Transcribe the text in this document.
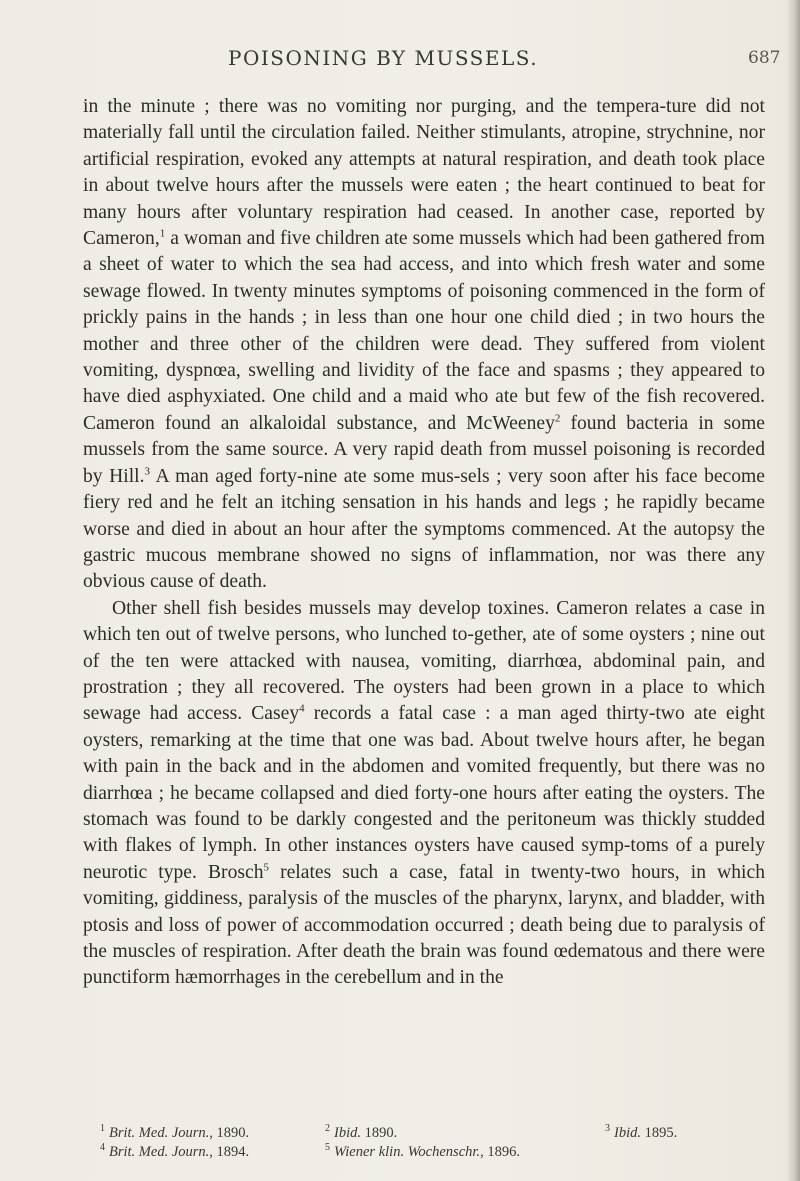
POISONING BY MUSSELS.	687

in the minute ; there was no vomiting nor purging, and the tempera-ture did not materially fall until the circulation failed. Neither stimulants, atropine, strychnine, nor artificial respiration, evoked any attempts at natural respiration, and death took place in about twelve hours after the mussels were eaten ; the heart continued to beat for many hours after voluntary respiration had ceased. In another case, reported by Cameron,$^1$ a woman and five children ate some mussels which had been gathered from a sheet of water to which the sea had access, and into which fresh water and some sewage flowed. In twenty minutes symptoms of poisoning commenced in the form of prickly pains in the hands ; in less than one hour one child died ; in two hours the mother and three other of the children were dead. They suffered from violent vomiting, dyspnœa, swelling and lividity of the face and spasms ; they appeared to have died asphyxiated. One child and a maid who ate but few of the fish recovered. Cameron found an alkaloidal substance, and McWeeney$^2$ found bacteria in some mussels from the same source. A very rapid death from mussel poisoning is recorded by Hill.$^3$ A man aged forty-nine ate some mus-sels ; very soon after his face become fiery red and he felt an itching sensation in his hands and legs ; he rapidly became worse and died in about an hour after the symptoms commenced. At the autopsy the gastric mucous membrane showed no signs of inflammation, nor was there any obvious cause of death.

Other shell fish besides mussels may develop toxines. Cameron relates a case in which ten out of twelve persons, who lunched to-gether, ate of some oysters ; nine out of the ten were attacked with nausea, vomiting, diarrhœa, abdominal pain, and prostration ; they all recovered. The oysters had been grown in a place to which sewage had access. Casey$^4$ records a fatal case : a man aged thirty-two ate eight oysters, remarking at the time that one was bad. About twelve hours after, he began with pain in the back and in the abdomen and vomited frequently, but there was no diarrhœa ; he became collapsed and died forty-one hours after eating the oysters. The stomach was found to be darkly congested and the peritoneum was thickly studded with flakes of lymph. In other instances oysters have caused symp-toms of a purely neurotic type. Brosch$^5$ relates such a case, fatal in twenty-two hours, in which vomiting, giddiness, paralysis of the muscles of the pharynx, larynx, and bladder, with ptosis and loss of power of accommodation occurred ; death being due to paralysis of the muscles of respiration. After death the brain was found œdematous and there were punctiform hæmorrhages in the cerebellum and in the

$^1$ Brit. Med. Journ., 1890.	$^2$ Ibid. 1890.	$^3$ Ibid. 1895.
$^4$ Brit. Med. Journ., 1894.	$^5$ Wiener klin. Wochenschr., 1896.
